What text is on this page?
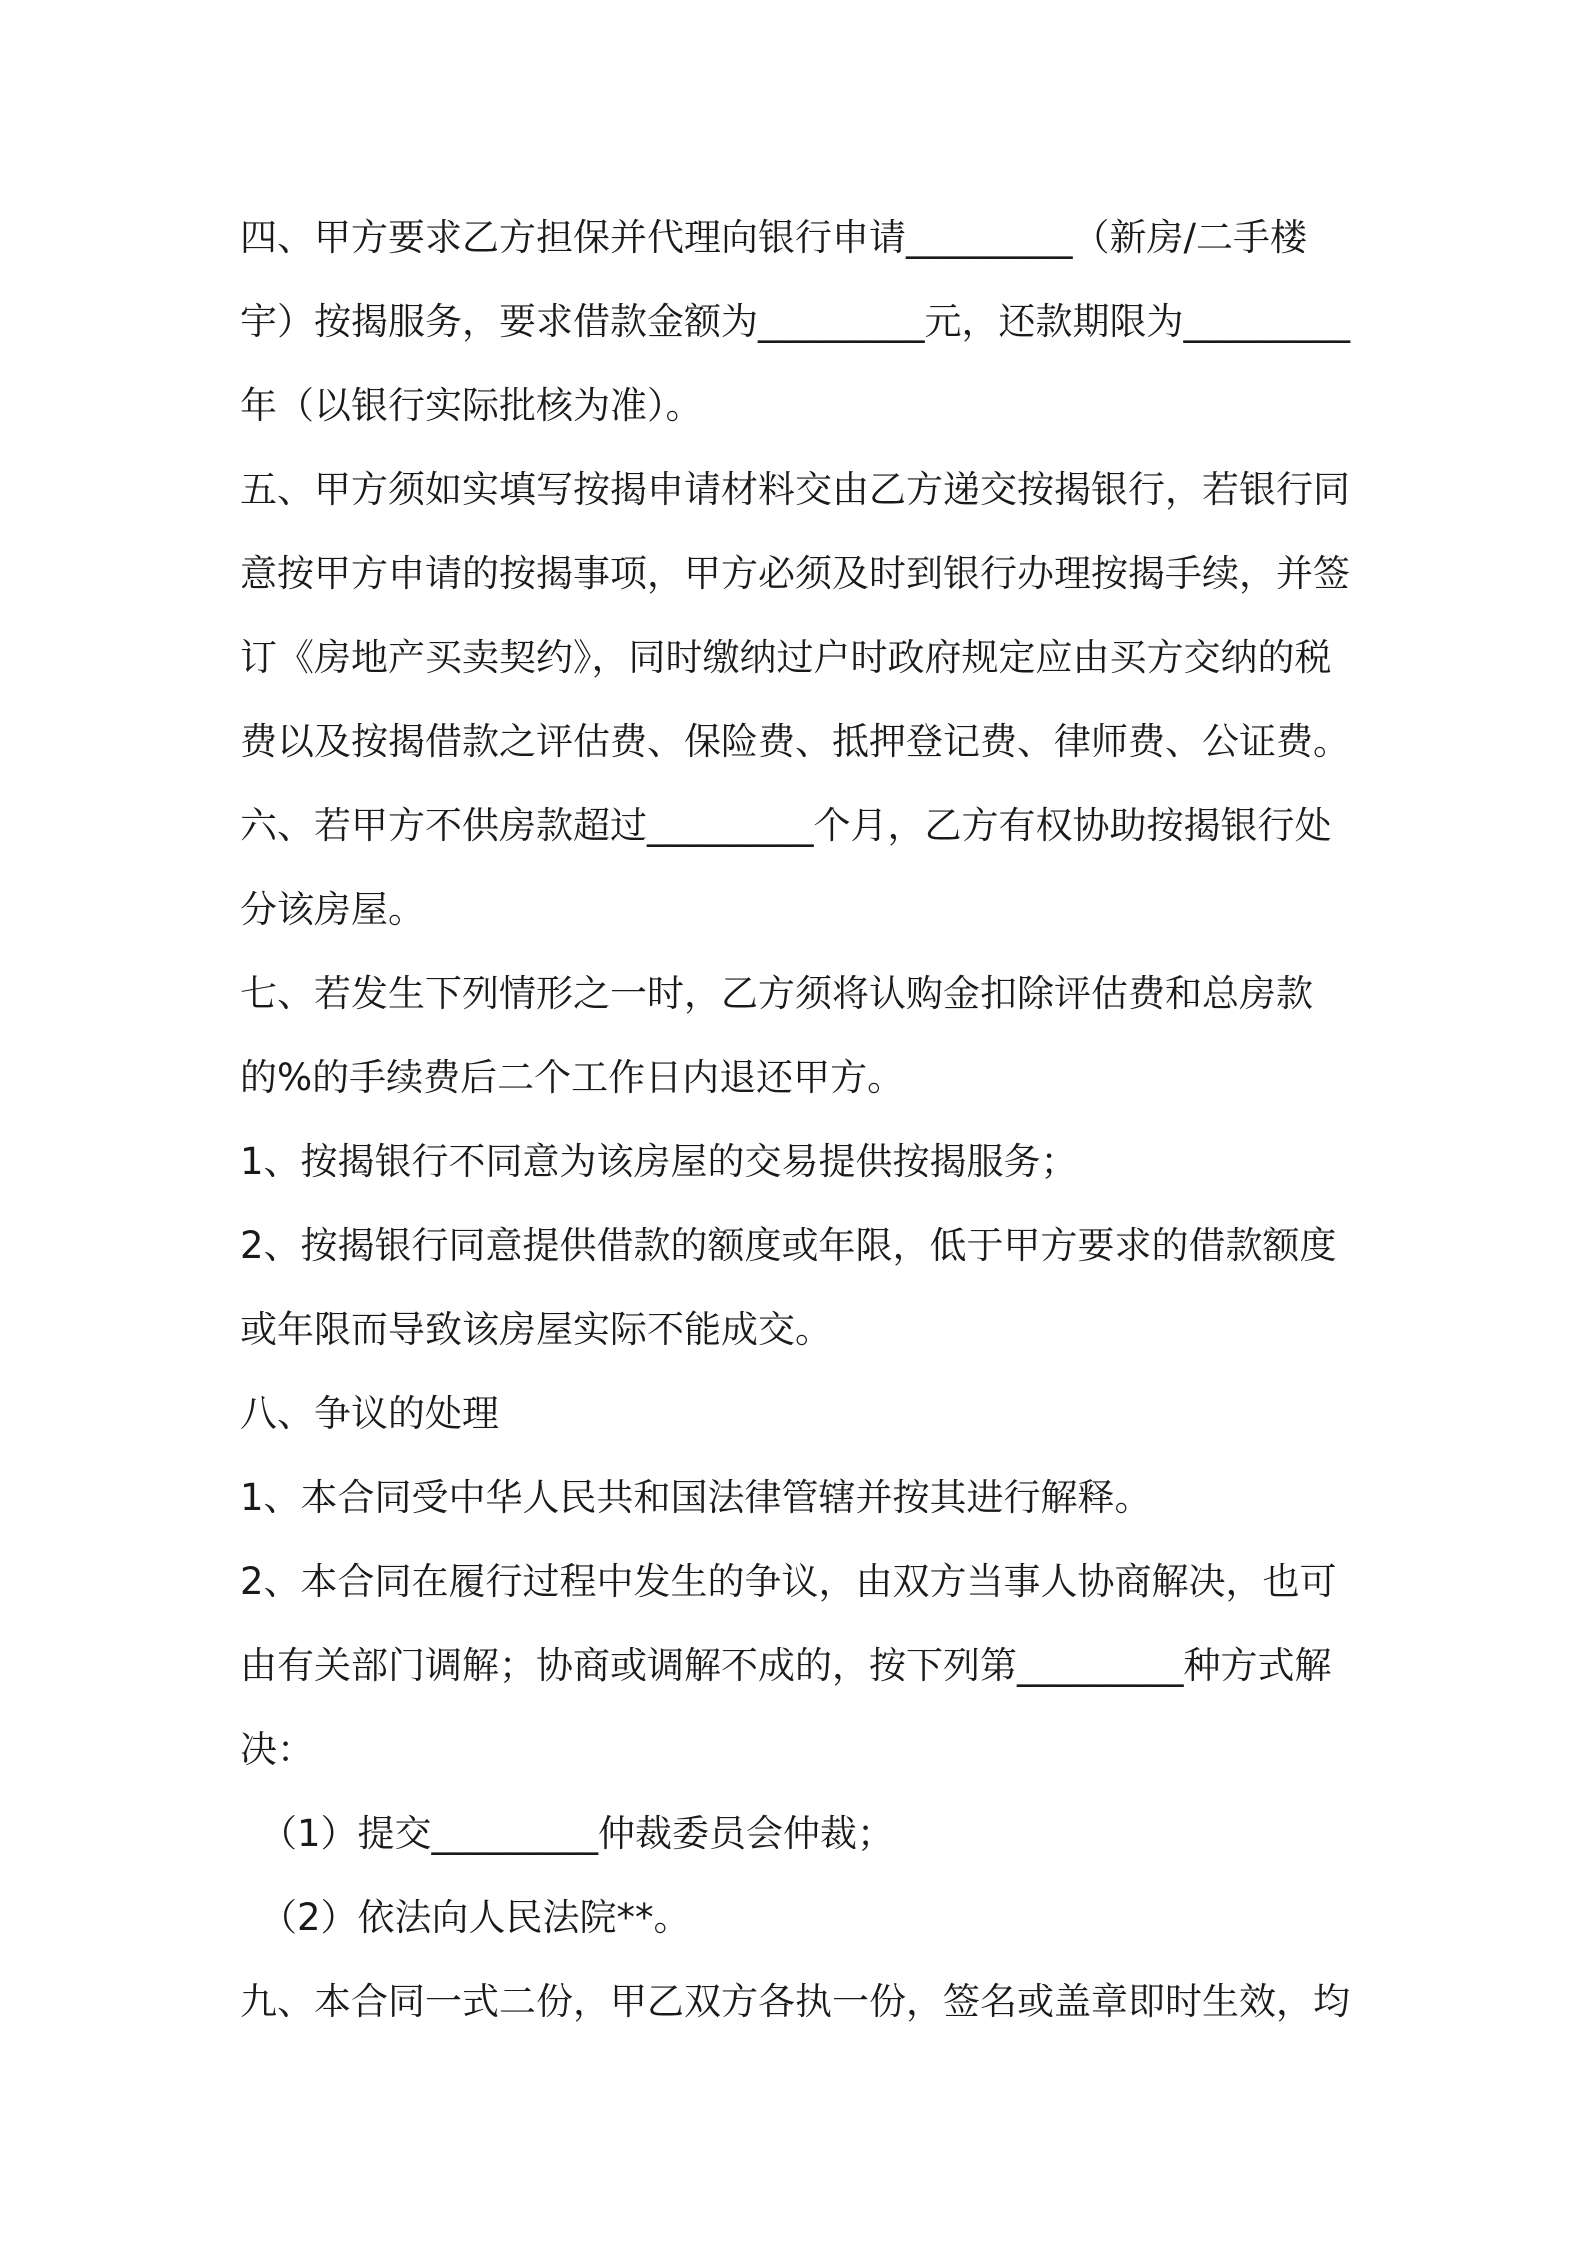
四、甲方要求乙方担保并代理向银行申请_________（新房/二手楼
宇）按揭服务，要求借款金额为_________元，还款期限为_________
年（以银行实际批核为准）。
五、甲方须如实填写按揭申请材料交由乙方递交按揭银行，若银行同
意按甲方申请的按揭事项，甲方必须及时到银行办理按揭手续，并签
订《房地产买卖契约》，同时缴纳过户时政府规定应由买方交纳的税
费以及按揭借款之评估费、保险费、抵押登记费、律师费、公证费。
六、若甲方不供房款超过_________个月，乙方有权协助按揭银行处
分该房屋。
七、若发生下列情形之一时，乙方须将认购金扣除评估费和总房款
的%的手续费后二个工作日内退还甲方。
1、按揭银行不同意为该房屋的交易提供按揭服务；
2、按揭银行同意提供借款的额度或年限，低于甲方要求的借款额度
或年限而导致该房屋实际不能成交。
八、争议的处理
1、本合同受中华人民共和国法律管辖并按其进行解释。
2、本合同在履行过程中发生的争议，由双方当事人协商解决，也可
由有关部门调解；协商或调解不成的，按下列第_________种方式解
决：
（1）提交_________仲裁委员会仲裁；
（2）依法向人民法院**。
九、本合同一式二份，甲乙双方各执一份，签名或盖章即时生效，均
